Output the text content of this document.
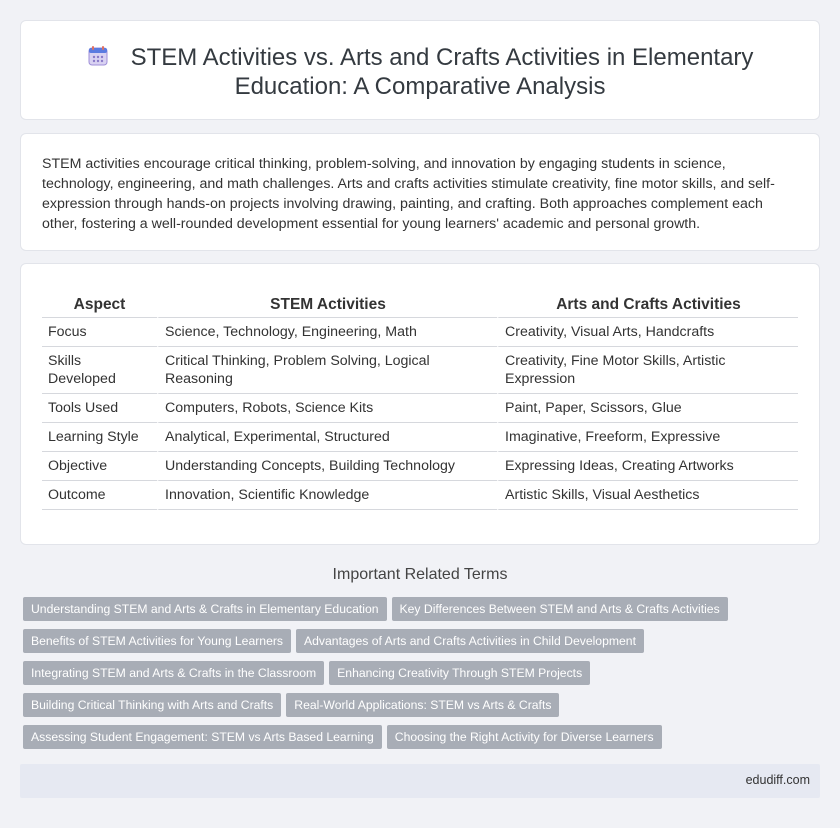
STEM Activities vs. Arts and Crafts Activities in Elementary Education: A Comparative Analysis

STEM activities encourage critical thinking, problem-solving, and innovation by engaging students in science, technology, engineering, and math challenges. Arts and crafts activities stimulate creativity, fine motor skills, and self-expression through hands-on projects involving drawing, painting, and crafting. Both approaches complement each other, fostering a well-rounded development essential for young learners' academic and personal growth.

Aspect	STEM Activities	Arts and Crafts Activities
Focus	Science, Technology, Engineering, Math	Creativity, Visual Arts, Handcrafts
Skills Developed	Critical Thinking, Problem Solving, Logical Reasoning	Creativity, Fine Motor Skills, Artistic Expression
Tools Used	Computers, Robots, Science Kits	Paint, Paper, Scissors, Glue
Learning Style	Analytical, Experimental, Structured	Imaginative, Freeform, Expressive
Objective	Understanding Concepts, Building Technology	Expressing Ideas, Creating Artworks
Outcome	Innovation, Scientific Knowledge	Artistic Skills, Visual Aesthetics
Important Related Terms
Understanding STEM and Arts & Crafts in Elementary Education Key Differences Between STEM and Arts & Crafts Activities
Benefits of STEM Activities for Young Learners Advantages of Arts and Crafts Activities in Child Development
Integrating STEM and Arts & Crafts in the Classroom Enhancing Creativity Through STEM Projects
Building Critical Thinking with Arts and Crafts Real-World Applications: STEM vs Arts & Crafts
Assessing Student Engagement: STEM vs Arts Based Learning Choosing the Right Activity for Diverse Learners
edudiff.com
